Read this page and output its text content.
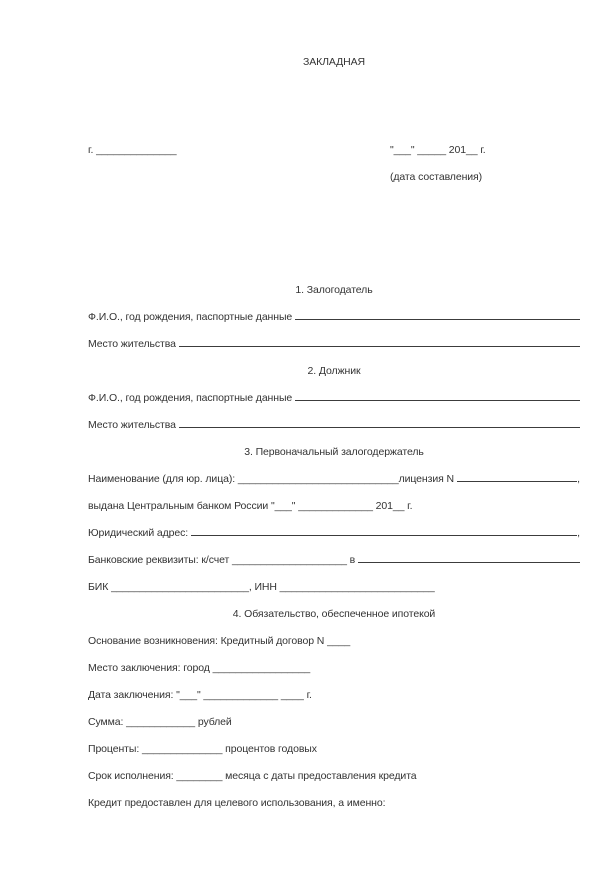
ЗАКЛАДНАЯ
г. ______________	"___" _____ 201__ г.
(дата составления)
1. Залогодатель
Ф.И.О., год рождения, паспортные данные
Место жительства
2. Должник
Ф.И.О., год рождения, паспортные данные
Место жительства
3. Первоначальный залогодержатель
Наименование (для юр. лица): ____________________________лицензия N	,
выдана Центральным банком России "___" _____________ 201__ г.
Юридический адрес:	,
Банковские реквизиты: к/счет ____________________ в
БИК ________________________, ИНН ___________________________
4. Обязательство, обеспеченное ипотекой
Основание возникновения: Кредитный договор N ____
Место заключения: город _________________
Дата заключения: "___" _____________ ____ г.
Сумма: ____________ рублей
Проценты: ______________ процентов годовых
Срок исполнения: ________ месяца с даты предоставления кредита
Кредит предоставлен для целевого использования, а именно:
